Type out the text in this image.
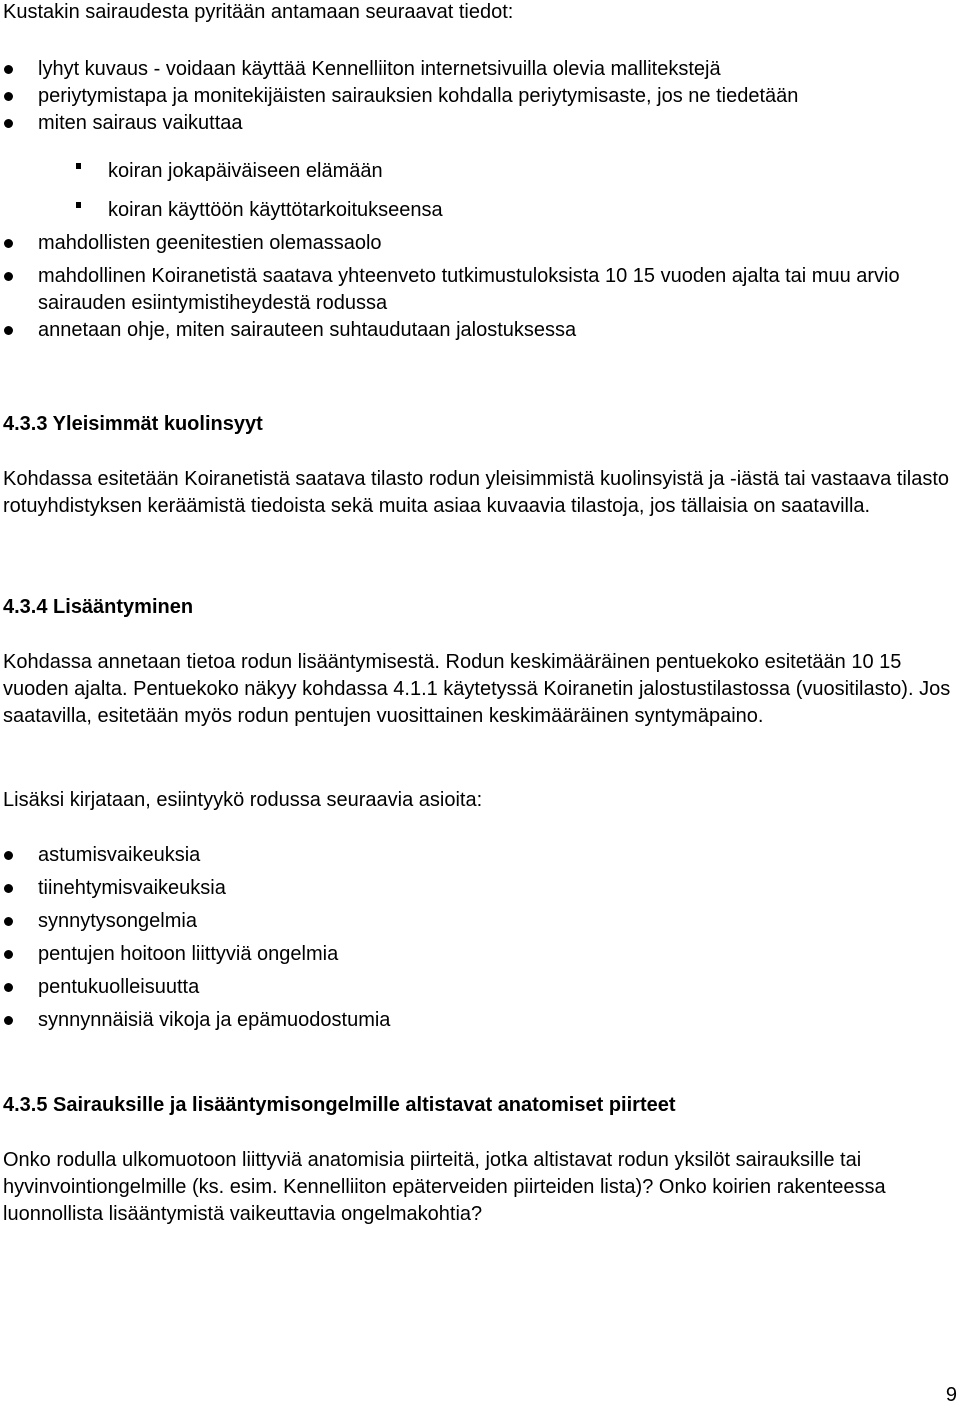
Kustakin sairaudesta pyritään antamaan seuraavat tiedot:

lyhyt kuvaus - voidaan käyttää Kennelliiton internetsivuilla olevia mallitekstejä
periytymistapa ja monitekijäisten sairauksien kohdalla periytymisaste, jos ne tiedetään
miten sairaus vaikuttaa
koiran jokapäiväiseen elämään
koiran käyttöön käyttötarkoitukseensa
mahdollisten geenitestien olemassaolo
mahdollinen Koiranetistä saatava yhteenveto tutkimustuloksista 10 15 vuoden ajalta tai muu arvio sairauden esiintymistiheydestä rodussa
annetaan ohje, miten sairauteen suhtaudutaan jalostuksessa
4.3.3 Yleisimmät kuolinsyyt

Kohdassa esitetään Koiranetistä saatava tilasto rodun yleisimmistä kuolinsyistä ja -iästä tai vastaava tilasto rotuyhdistyksen keräämistä tiedoista sekä muita asiaa kuvaavia tilastoja, jos tällaisia on saatavilla.

4.3.4 Lisääntyminen

Kohdassa annetaan tietoa rodun lisääntymisestä. Rodun keskimääräinen pentuekoko esitetään 10 15 vuoden ajalta. Pentuekoko näkyy kohdassa 4.1.1 käytetyssä Koiranetin jalostustilastossa (vuositilasto). Jos saatavilla, esitetään myös rodun pentujen vuosittainen keskimääräinen syntymäpaino.

Lisäksi kirjataan, esiintyykö rodussa seuraavia asioita:

astumisvaikeuksia
tiinehtymisvaikeuksia
synnytysongelmia
pentujen hoitoon liittyviä ongelmia
pentukuolleisuutta
synnynnäisiä vikoja ja epämuodostumia
4.3.5 Sairauksille ja lisääntymisongelmille altistavat anatomiset piirteet

Onko rodulla ulkomuotoon liittyviä anatomisia piirteitä, jotka altistavat rodun yksilöt sairauksille tai hyvinvointiongelmille (ks. esim. Kennelliiton epäterveiden piirteiden lista)? Onko koirien rakenteessa luonnollista lisääntymistä vaikeuttavia ongelmakohtia?

9
